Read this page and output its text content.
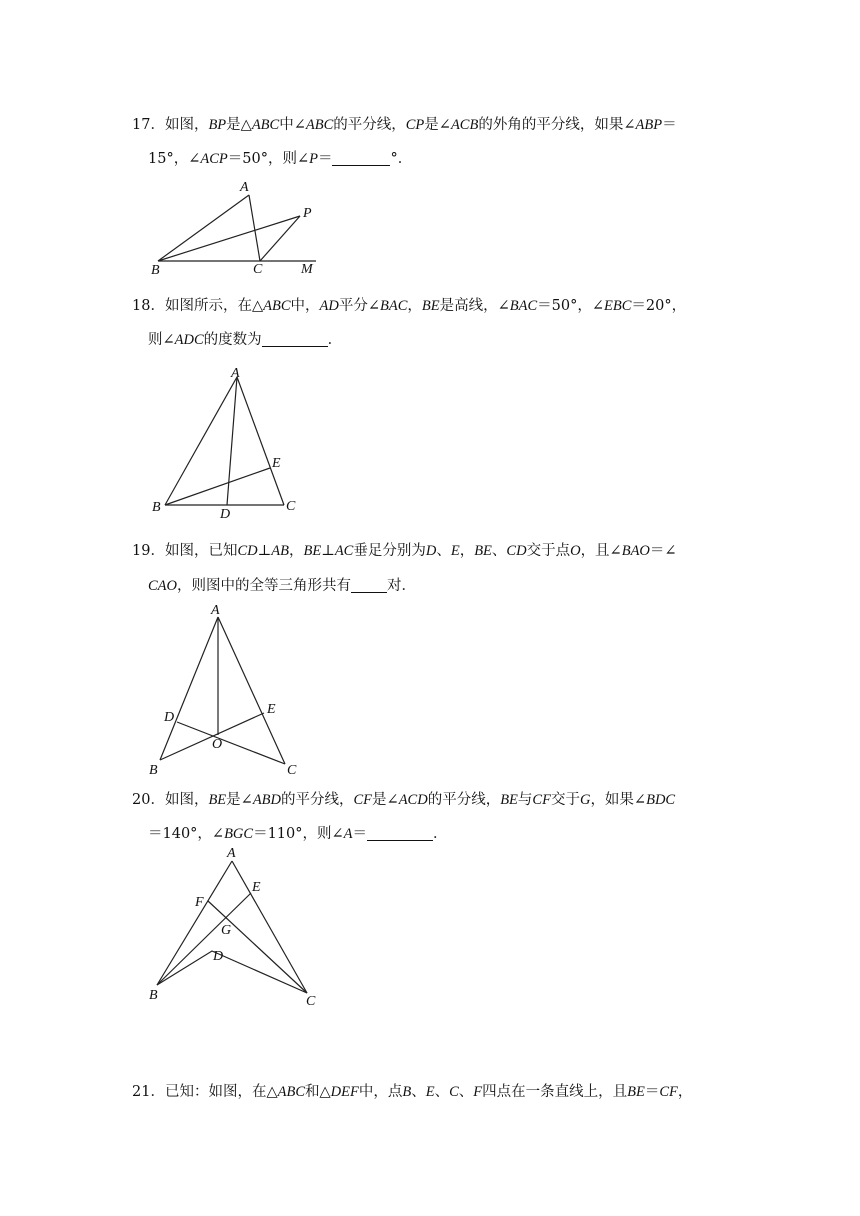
17．如图，BP是△ABC中∠ABC的平分线，CP是∠ACB的外角的平分线，如果∠ABP＝
15°，∠ACP＝50°，则∠P＝	°．
A
P
B	C	M
18．如图所示，在△ABC中，AD平分∠BAC，BE是高线，∠BAC＝50°，∠EBC＝20°，
则∠ADC的度数为	．
A
E
B	C
D
19．如图，已知CD⊥AB，BE⊥AC垂足分别为D、E，BE、CD交于点O，且∠BAO＝∠
CAO，则图中的全等三角形共有 对．
A
D
E
O
B	C
20．如图，BE是∠ABD的平分线，CF是∠ACD的平分线，BE与CF交于G，如果∠BDC
＝140°，∠BGC＝110°，则∠A＝	．
A
E
F
G
D
B	C
21．已知：如图，在△ABC和△DEF中，点B、E、C、F四点在一条直线上，且BE＝CF，
